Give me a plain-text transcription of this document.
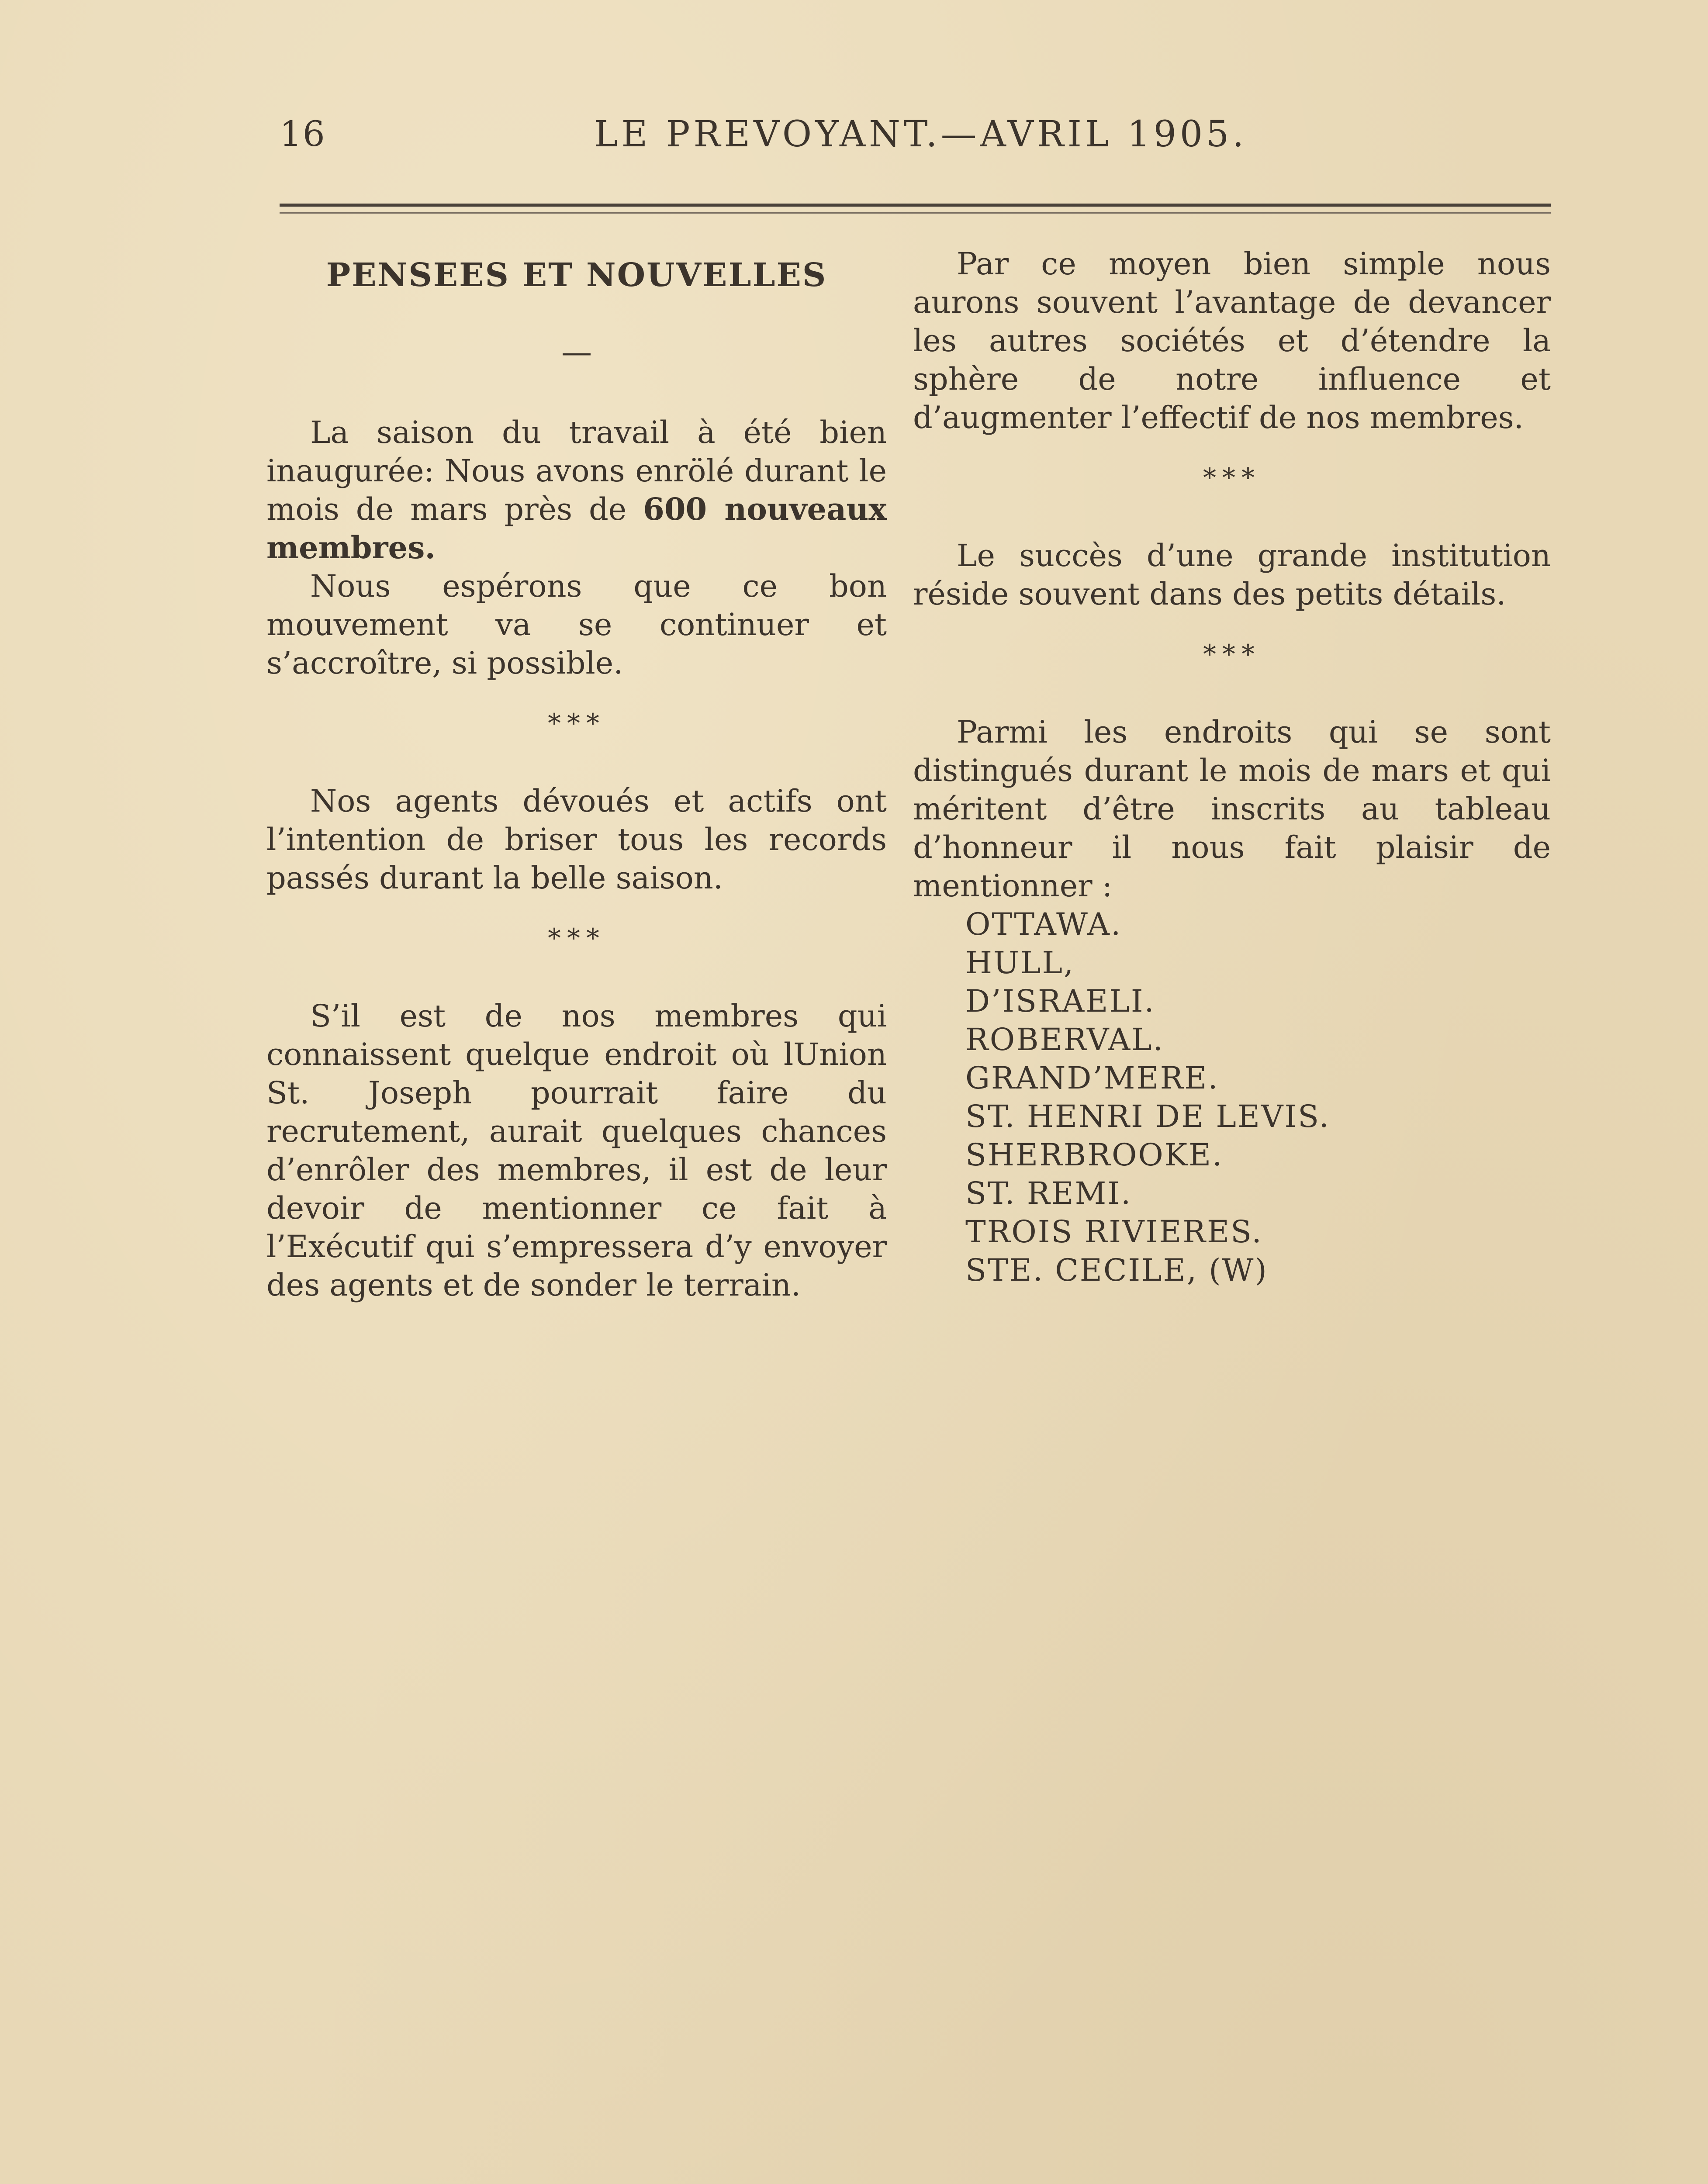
16	LE PREVOYANT.—AVRIL 1905.
PENSEES ET NOUVELLES
—

La saison du travail à été bien inaugurée: Nous avons enrölé durant le mois de mars près de 600 nouveaux membres.

Nous espérons que ce bon mouvement va se continuer et s’accroître, si possible.

***

Nos agents dévoués et actifs ont l’intention de briser tous les records passés durant la belle saison.

***

S’il est de nos membres qui connaissent quelque endroit où lUnion St. Joseph pourrait faire du recrutement, aurait quelques chances d’enrôler des membres, il est de leur devoir de mentionner ce fait à l’Exécutif qui s’empressera d’y envoyer des agents et de sonder le terrain.

Par ce moyen bien simple nous aurons souvent l’avantage de devancer les autres sociétés et d’étendre la sphère de notre influence et d’augmenter l’effectif de nos membres.

***

Le succès d’une grande institution réside souvent dans des petits détails.

***

Parmi les endroits qui se sont distingués durant le mois de mars et qui méritent d’être inscrits au tableau d’honneur il nous fait plaisir de mentionner :

OTTAWA.
HULL,
D’ISRAELI.
ROBERVAL.
GRAND’MERE.
ST. HENRI DE LEVIS.
SHERBROOKE.
ST. REMI.
TROIS RIVIERES.
STE. CECILE, (W)
